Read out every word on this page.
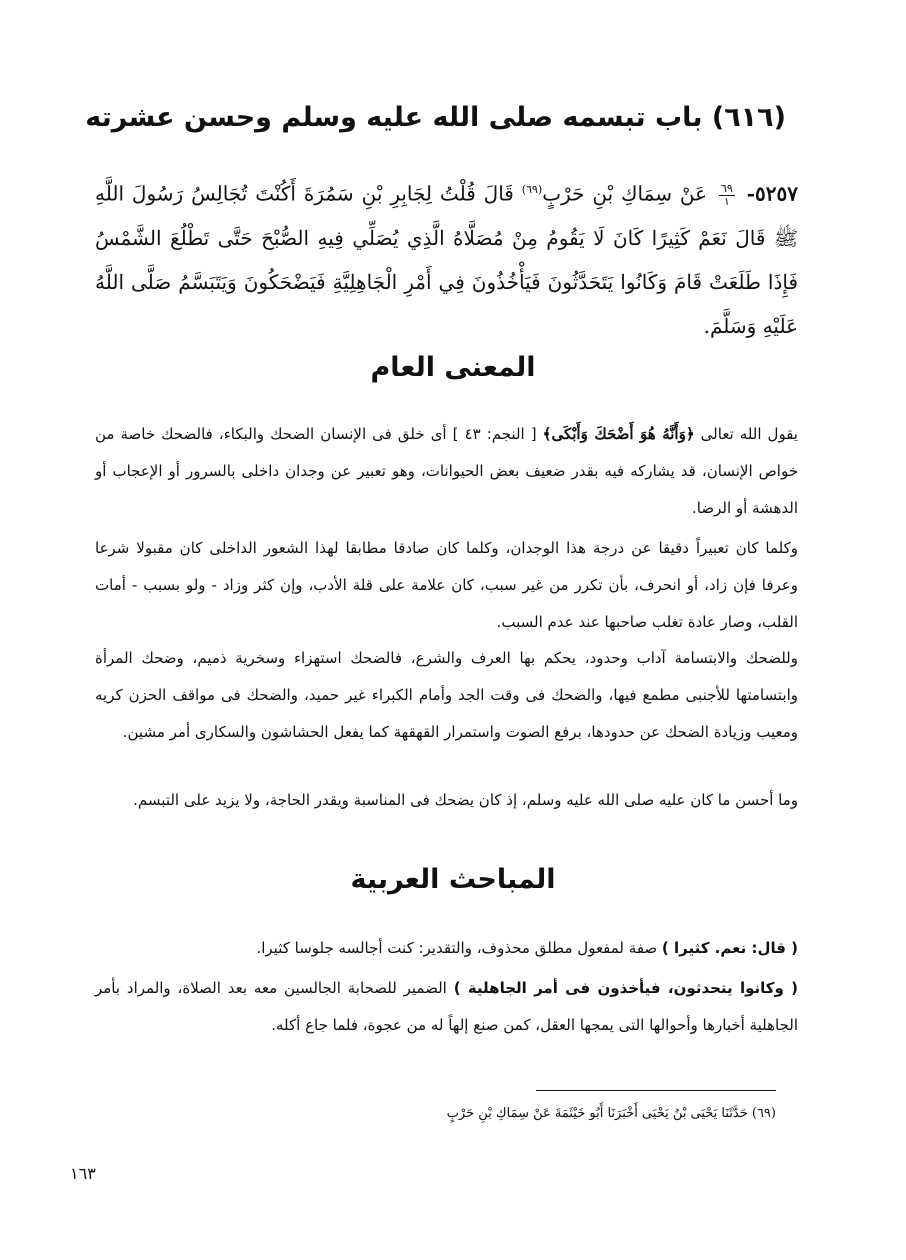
(٦١٦) باب تبسمه صلى الله عليه وسلم وحسن عشرته
٥٢٥٧-
$\frac{٦٩}{١}$
عَنْ سِمَاكِ بْنِ حَرْبٍ$^{(٦٩)}$ قَالَ قُلْتُ لِجَابِرِ بْنِ سَمُرَةَ أَكُنْتَ تُجَالِسُ رَسُولَ اللَّهِ ﷺ قَالَ نَعَمْ كَثِيرًا كَانَ لَا يَقُومُ مِنْ مُصَلَّاهُ الَّذِي يُصَلِّي فِيهِ الصُّبْحَ حَتَّى تَطْلُعَ الشَّمْسُ فَإِذَا طَلَعَتْ قَامَ وَكَانُوا يَتَحَدَّثُونَ فَيَأْخُذُونَ فِي أَمْرِ الْجَاهِلِيَّةِ فَيَضْحَكُونَ وَيَتَبَسَّمُ صَلَّى اللَّهُ عَلَيْهِ وَسَلَّمَ.
المعنى العام

يقول الله تعالى ﴿وَأَنَّهُ هُوَ أَضْحَكَ وَأَبْكَى﴾ [ النجم: ٤٣ ] أى خلق فى الإنسان الضحك والبكاء، فالضحك خاصة من خواص الإنسان، قد يشاركه فيه بقدر ضعيف بعض الحيوانات، وهو تعبير عن وجدان داخلى بالسرور أو الإعجاب أو الدهشة أو الرضا.

وكلما كان تعبيراً دقيقا عن درجة هذا الوجدان، وكلما كان صادقا مطابقا لهذا الشعور الداخلى كان مقبولا شرعا وعرفا فإن زاد، أو انحرف، بأن تكرر من غير سبب، كان علامة على قلة الأدب، وإن كثر وزاد - ولو بسبب - أمات القلب، وصار عادة تغلب صاحبها عند عدم السبب.

وللضحك والابتسامة آداب وحدود، يحكم بها العرف والشرع، فالضحك استهزاء وسخرية ذميم، وضحك المرأة وابتسامتها للأجنبى مطمع فيها، والضحك فى وقت الجد وأمام الكبراء غير حميد، والضحك فى مواقف الحزن كريه ومعيب وزيادة الضحك عن حدودها، برفع الصوت واستمرار القهقهة كما يفعل الحشاشون والسكارى أمر مشين.

وما أحسن ما كان عليه صلى الله عليه وسلم، إذ كان يضحك فى المناسبة ويقدر الحاجة، ولا يزيد على التبسم.

المباحث العربية

( قال: نعم. كثيرا ) صفة لمفعول مطلق محذوف، والتقدير: كنت أجالسه جلوسا كثيرا.

( وكانوا يتحدثون، فيأخذون فى أمر الجاهلية ) الضمير للصحابة الجالسين معه بعد الصلاة، والمراد بأمر الجاهلية أخبارها وأحوالها التى يمجها العقل، كمن صنع إلهاً له من عجوة، فلما جاع أكله.

(٦٩) حَدَّثَنَا يَحْيَى بْنُ يَحْيَى أَخْبَرَنَا أَبُو خَيْثَمَةَ عَنْ سِمَاكِ بْنِ حَرْبٍ
١٦٣
